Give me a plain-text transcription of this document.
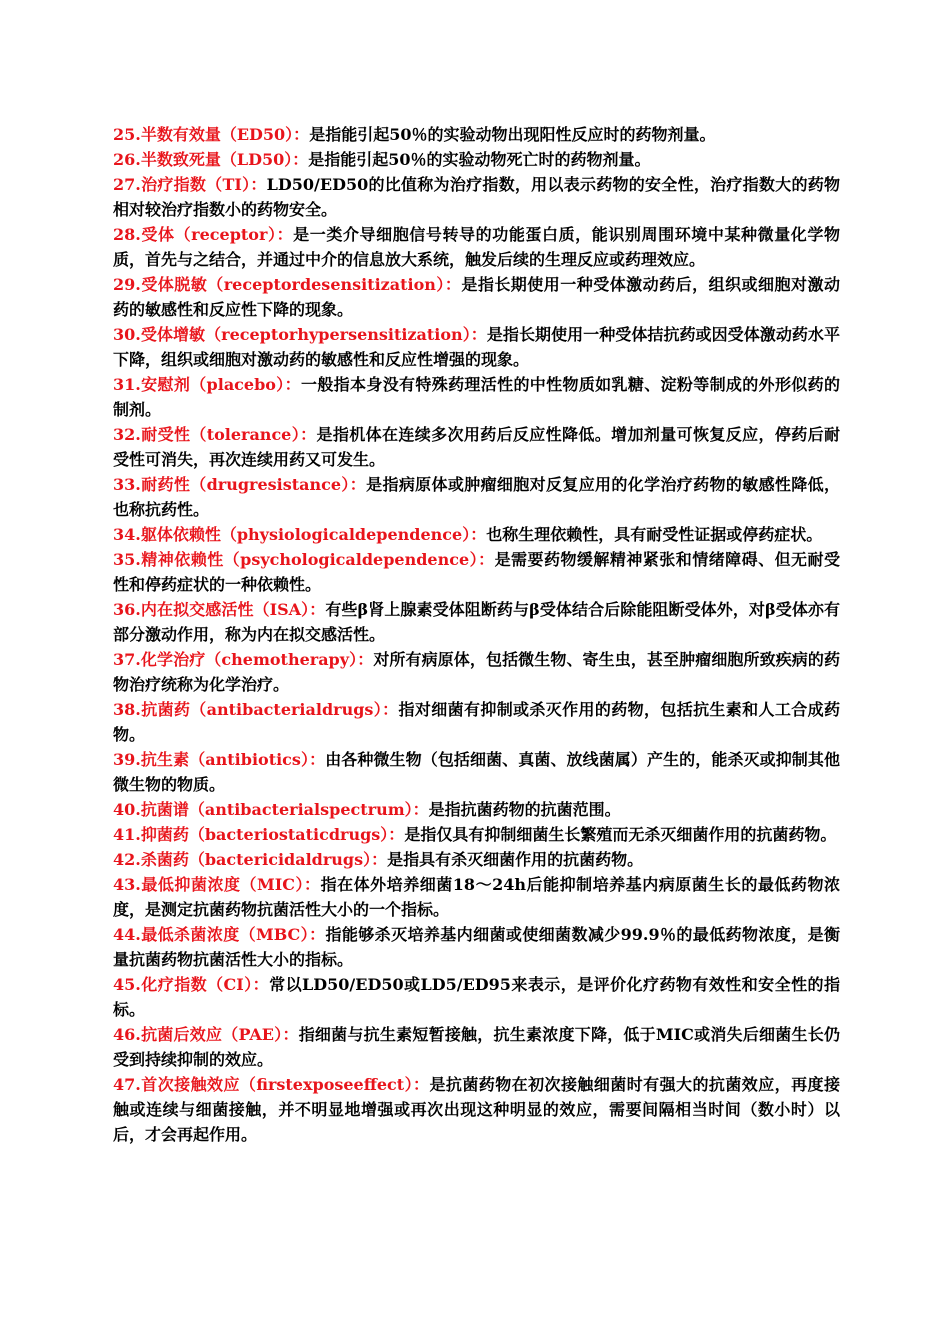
25.半数有效量（ED50）：是指能引起50％的实验动物出现阳性反应时的药物剂量。

26.半数致死量（LD50）：是指能引起50％的实验动物死亡时的药物剂量。

27.治疗指数（TI）：LD50/ED50的比值称为治疗指数，用以表示药物的安全性，治疗指数大的药物相对较治疗指数小的药物安全。

28.受体（receptor）：是一类介导细胞信号转导的功能蛋白质，能识别周围环境中某种微量化学物质，首先与之结合，并通过中介的信息放大系统，触发后续的生理反应或药理效应。

29.受体脱敏（receptordesensitization）：是指长期使用一种受体激动药后，组织或细胞对激动药的敏感性和反应性下降的现象。

30.受体增敏（receptorhypersensitization）：是指长期使用一种受体拮抗药或因受体激动药水平下降，组织或细胞对激动药的敏感性和反应性增强的现象。

31.安慰剂（placebo）：一般指本身没有特殊药理活性的中性物质如乳糖、淀粉等制成的外形似药的制剂。

32.耐受性（tolerance）：是指机体在连续多次用药后反应性降低。增加剂量可恢复反应，停药后耐受性可消失，再次连续用药又可发生。

33.耐药性（drugresistance）：是指病原体或肿瘤细胞对反复应用的化学治疗药物的敏感性降低，也称抗药性。

34.躯体依赖性（physiologicaldependence）：也称生理依赖性，具有耐受性证据或停药症状。

35.精神依赖性（psychologicaldependence）：是需要药物缓解精神紧张和情绪障碍、但无耐受性和停药症状的一种依赖性。

36.内在拟交感活性（ISA）：有些β肾上腺素受体阻断药与β受体结合后除能阻断受体外，对β受体亦有部分激动作用，称为内在拟交感活性。

37.化学治疗（chemotherapy）：对所有病原体，包括微生物、寄生虫，甚至肿瘤细胞所致疾病的药物治疗统称为化学治疗。

38.抗菌药（antibacterialdrugs）：指对细菌有抑制或杀灭作用的药物，包括抗生素和人工合成药物。

39.抗生素（antibiotics）：由各种微生物（包括细菌、真菌、放线菌属）产生的，能杀灭或抑制其他微生物的物质。

40.抗菌谱（antibacterialspectrum）：是指抗菌药物的抗菌范围。

41.抑菌药（bacteriostaticdrugs）：是指仅具有抑制细菌生长繁殖而无杀灭细菌作用的抗菌药物。

42.杀菌药（bactericidaldrugs）：是指具有杀灭细菌作用的抗菌药物。

43.最低抑菌浓度（MIC）：指在体外培养细菌18～24h后能抑制培养基内病原菌生长的最低药物浓度，是测定抗菌药物抗菌活性大小的一个指标。

44.最低杀菌浓度（MBC）：指能够杀灭培养基内细菌或使细菌数减少99.9％的最低药物浓度，是衡量抗菌药物抗菌活性大小的指标。

45.化疗指数（CI）：常以LD50/ED50或LD5/ED95来表示，是评价化疗药物有效性和安全性的指标。

46.抗菌后效应（PAE）：指细菌与抗生素短暂接触，抗生素浓度下降，低于MIC或消失后细菌生长仍受到持续抑制的效应。

47.首次接触效应（firstexposeeffect）：是抗菌药物在初次接触细菌时有强大的抗菌效应，再度接触或连续与细菌接触，并不明显地增强或再次出现这种明显的效应，需要间隔相当时间（数小时）以后，才会再起作用。
